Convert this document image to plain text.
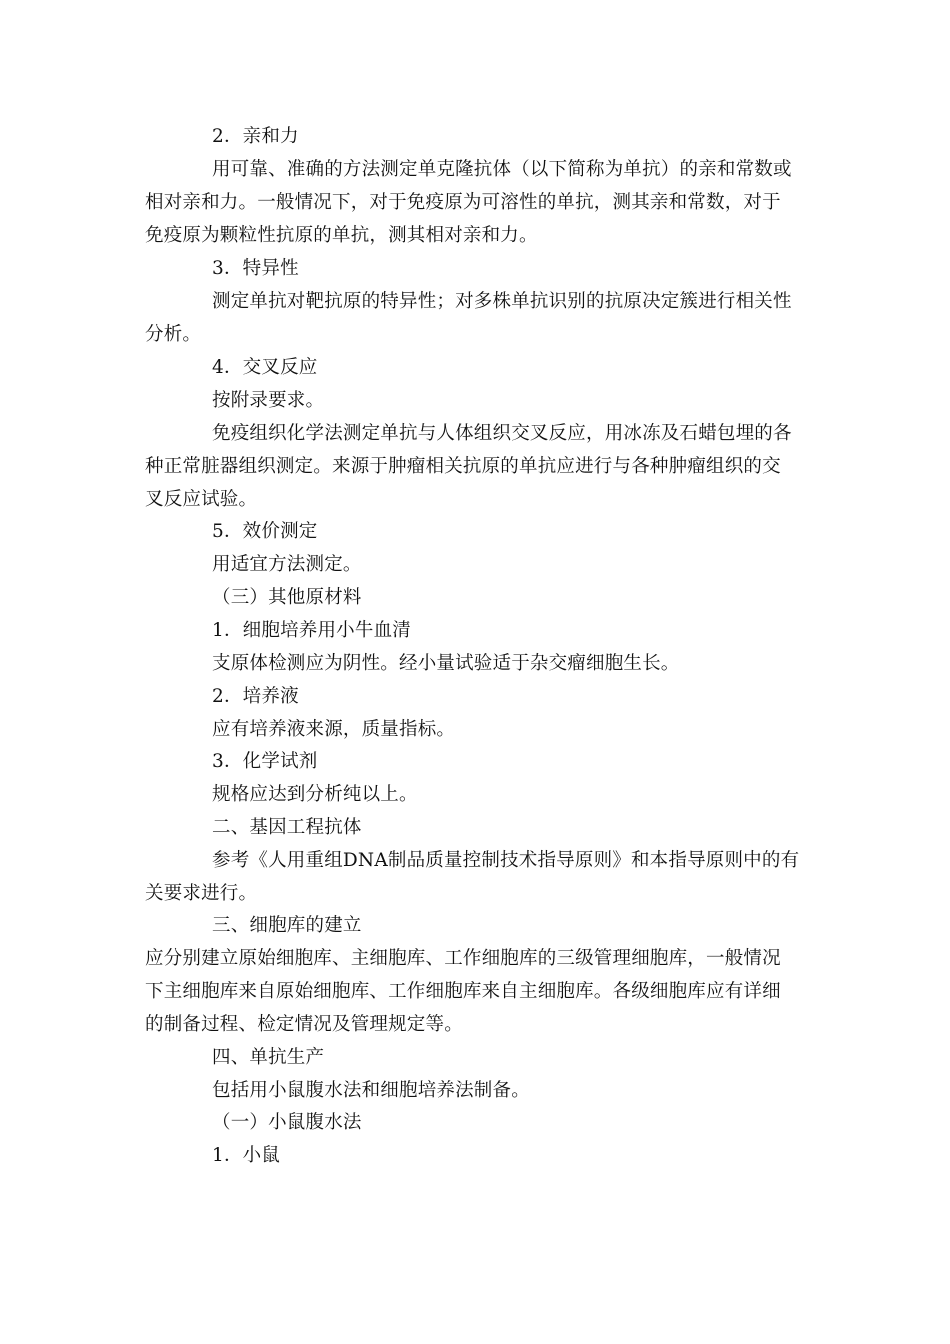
2．亲和力
用可靠、准确的方法测定单克隆抗体（以下简称为单抗）的亲和常数或
相对亲和力。一般情况下，对于免疫原为可溶性的单抗，测其亲和常数，对于
免疫原为颗粒性抗原的单抗，测其相对亲和力。
3．特异性
测定单抗对靶抗原的特异性；对多株单抗识别的抗原决定簇进行相关性
分析。
4．交叉反应
按附录要求。
免疫组织化学法测定单抗与人体组织交叉反应，用冰冻及石蜡包埋的各
种正常脏器组织测定。来源于肿瘤相关抗原的单抗应进行与各种肿瘤组织的交
叉反应试验。
5．效价测定
用适宜方法测定。
（三）其他原材料
1．细胞培养用小牛血清
支原体检测应为阴性。经小量试验适于杂交瘤细胞生长。
2．培养液
应有培养液来源，质量指标。
3．化学试剂
规格应达到分析纯以上。
二、基因工程抗体
参考《人用重组DNA制品质量控制技术指导原则》和本指导原则中的有
关要求进行。
三、细胞库的建立
应分别建立原始细胞库、主细胞库、工作细胞库的三级管理细胞库，一般情况
下主细胞库来自原始细胞库、工作细胞库来自主细胞库。各级细胞库应有详细
的制备过程、检定情况及管理规定等。
四、单抗生产
包括用小鼠腹水法和细胞培养法制备。
（一）小鼠腹水法
1．小鼠
